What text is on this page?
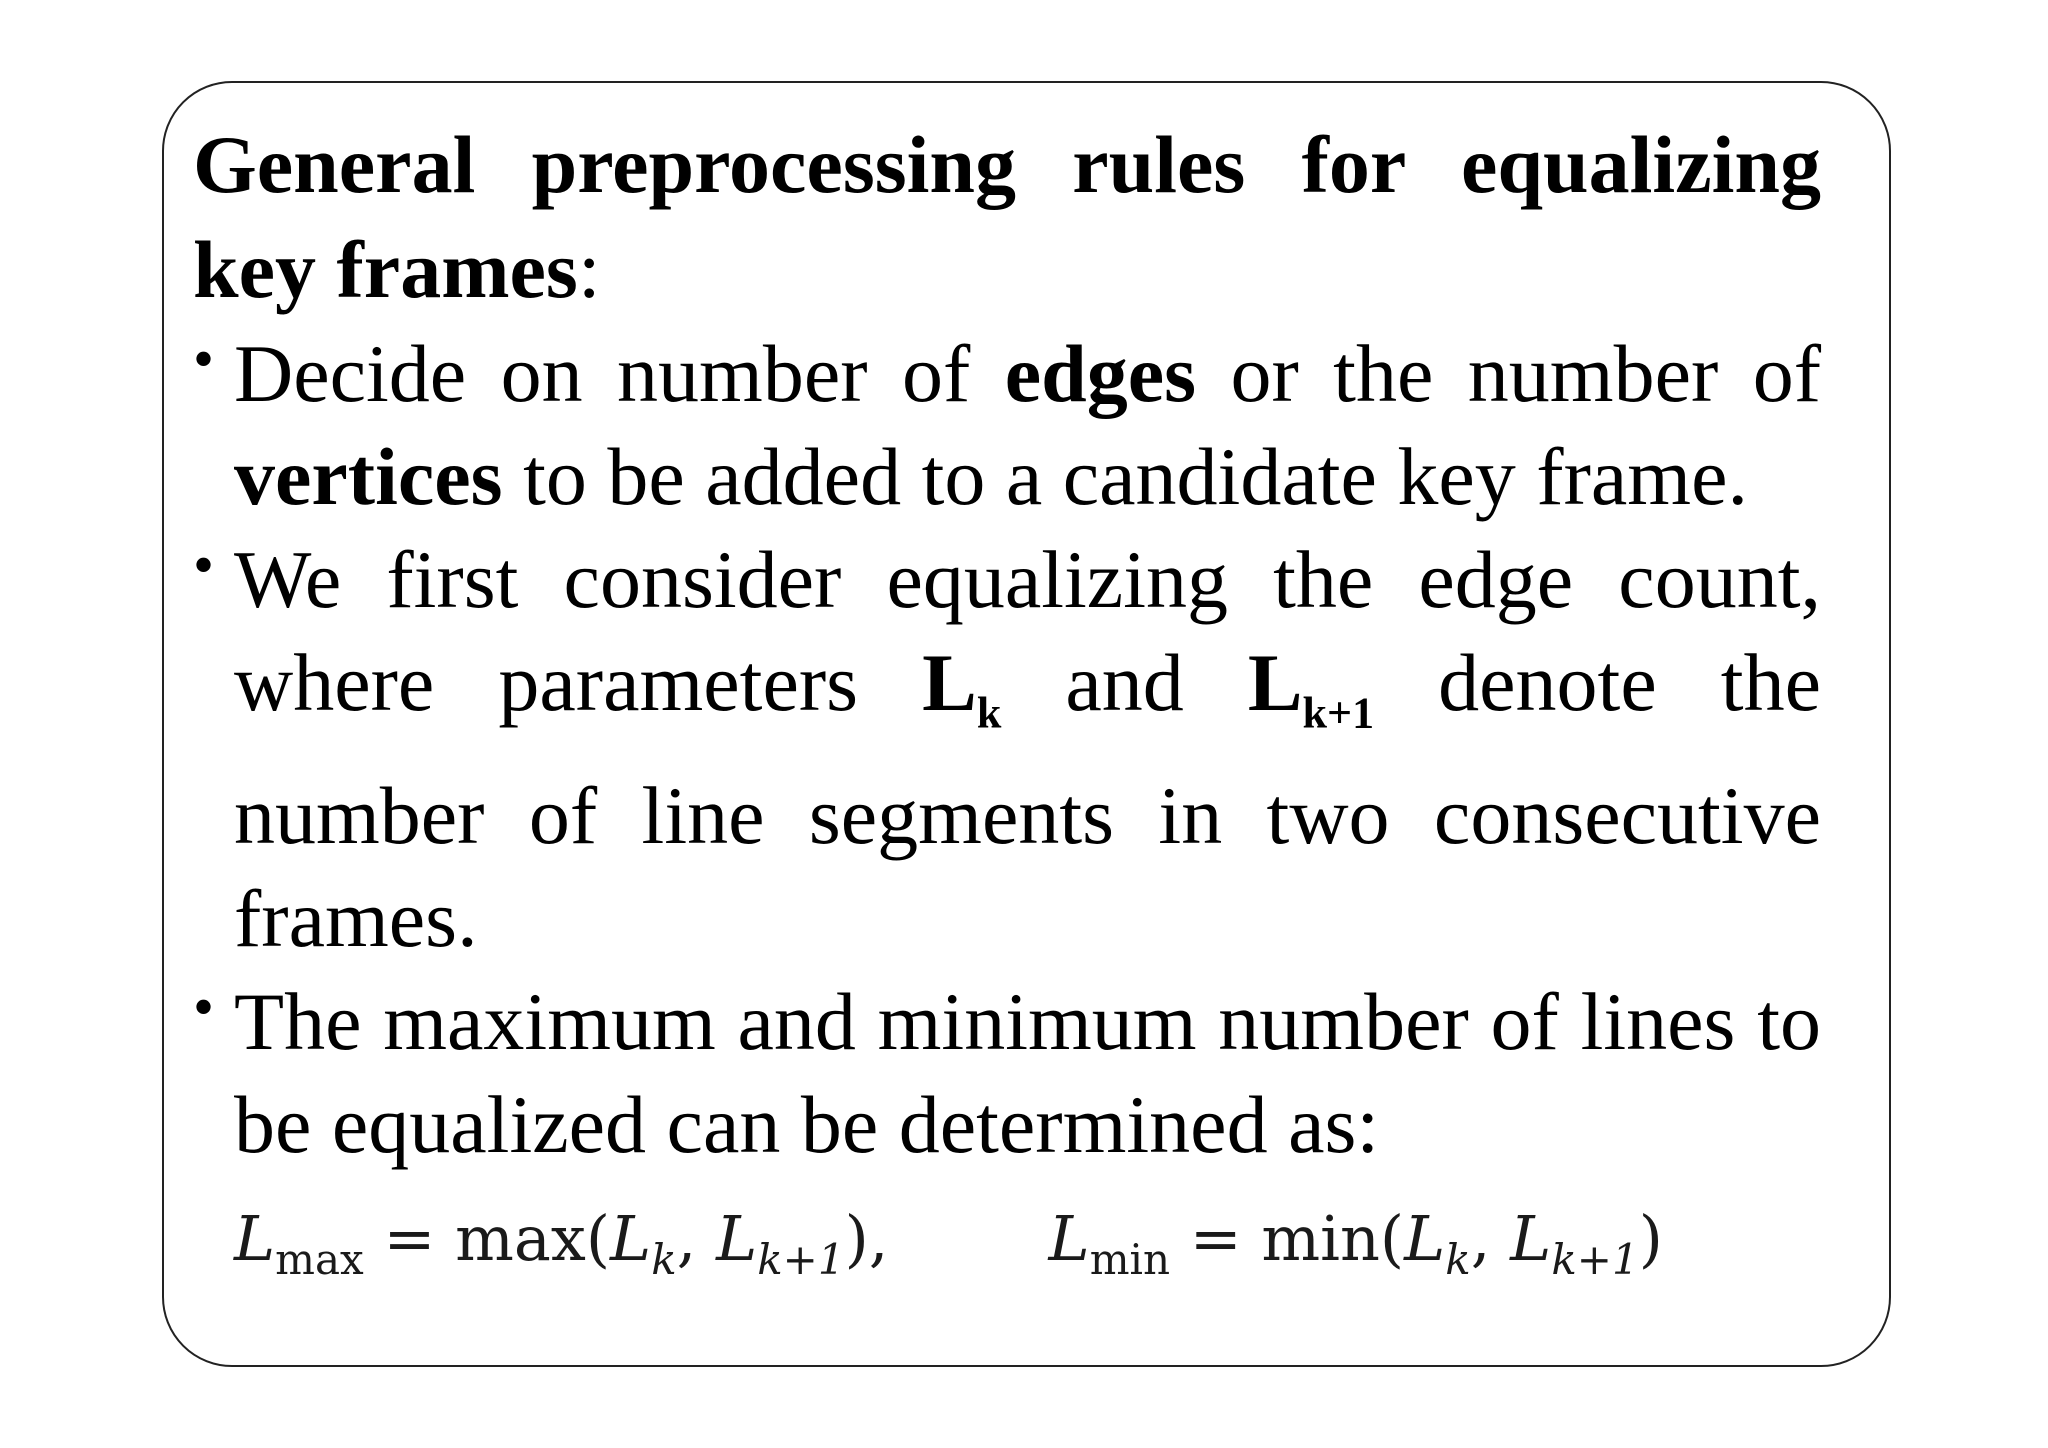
General preprocessing rules for equalizing key frames:

• Decide on number of edges or the number of vertices to be added to a candidate key frame.
• We first consider equalizing the edge count, where parameters $L_k$ and $L_{k+1}$ denote the number of line segments in two consecutive frames.
• The maximum and minimum number of lines to be equalized can be determined as:
$L_{max} = \max(L_k$, $L_{k+1}$),	$L_{min} = \min(L_k$, $L_{k+1}$)
